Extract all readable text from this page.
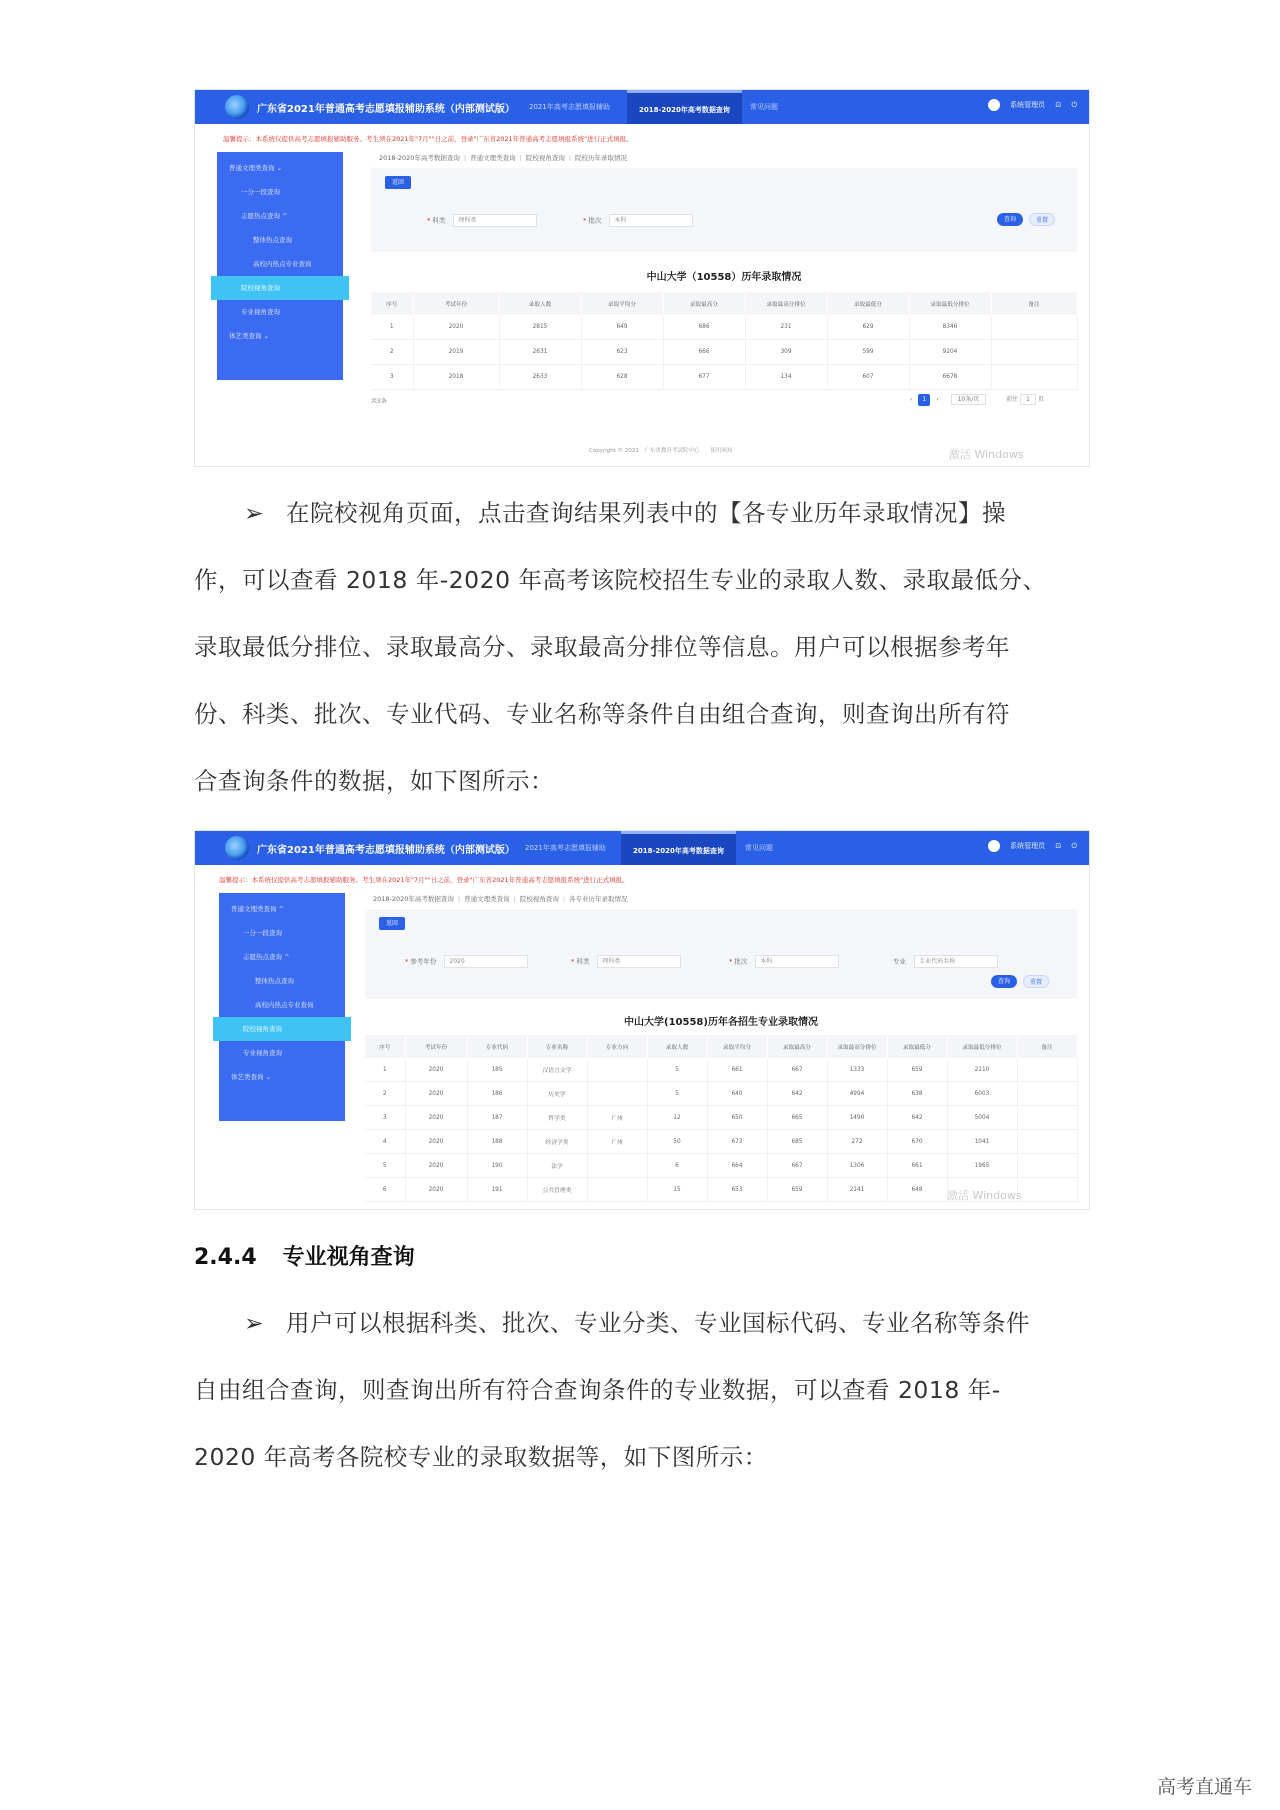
广东省2021年普通高考志愿填报辅助系统（内部测试版） 2021年高考志愿填报辅助	2018-2020年高考数据查询	常见问题	系统管理员 ⊡ ⏻
温馨提示：本系统仅提供高考志愿填报辅助服务。考生须在2021年"7月""日之前，登录"广东省2021年普通高考志愿填报系统"进行正式填报。
普通文理类查询 ⌄
一分一段查询
志愿热点查询 ^
整体热点查询
高校内热点专业查询
院校视角查询
专业视角查询
体艺类查询 ⌄
2018-2020年高考数据查询 | 普通文理类查询 | 院校视角查询 | 院校历年录取情况
返回
* 科类 理科类	* 批次 本科	查询	重置
中山大学（10558）历年录取情况
序号	考试年份	录取人数	录取平均分	录取最高分	录取最高分排位	录取最低分	录取最低分排位	备注
1	2020	2815	649	686	231	629	8346	
2	2019	2631	623	666	309	599	9204	
3	2018	2633	628	677	134	607	6678	
共3条	‹ 1 ›	10条/页	前往 1 页
Copyright © 2021　广东省教育考试院中心　　使用须知	激活 Windows
➢ 在院校视角页面，点击查询结果列表中的【各专业历年录取情况】操
作，可以查看 2018 年-2020 年高考该院校招生专业的录取人数、录取最低分、
录取最低分排位、录取最高分、录取最高分排位等信息。用户可以根据参考年
份、科类、批次、专业代码、专业名称等条件自由组合查询，则查询出所有符
合查询条件的数据，如下图所示：
广东省2021年普通高考志愿填报辅助系统（内部测试版） 2021年高考志愿填报辅助	2018-2020年高考数据查询	常见问题	系统管理员 ⊡ ⏻
温馨提示：本系统仅提供高考志愿填报辅助服务。考生须在2021年"7月""日之前，登录"广东省2021年普通高考志愿填报系统"进行正式填报。
普通文理类查询 ^
一分一段查询
志愿热点查询 ^
整体热点查询
高校内热点专业查询
院校视角查询
专业视角查询
体艺类查询 ⌄
2018-2020年高考数据查询 | 普通文理类查询 | 院校视角查询 | 各专业历年录取情况
返回
* 参考年份 2020	* 科类 理科类	* 批次 本科	专业 专业代码名称
查询	重置
中山大学(10558)历年各招生专业录取情况
序号	考试年份	专业代码	专业名称	专业方向	录取人数	录取平均分	录取最高分	录取最高分排位	录取最低分	录取最低分排位	备注
1	2020	185	汉语言文学		5	661	667	1333	659	2110	
2	2020	186	历史学		5	640	642	4994	638	6003	
3	2020	187	哲学类	广州	12	650	665	1490	642	5004	
4	2020	188	经济学类	广州	50	673	685	272	670	1041	
5	2020	190	法学		6	664	667	1306	661	1965	
6	2020	191	公共管理类		15	653	659	2141	648		激活 Windows
2.4.4 专业视角查询
➢ 用户可以根据科类、批次、专业分类、专业国标代码、专业名称等条件
自由组合查询，则查询出所有符合查询条件的专业数据，可以查看 2018 年-
2020 年高考各院校专业的录取数据等，如下图所示：
高考直通车
